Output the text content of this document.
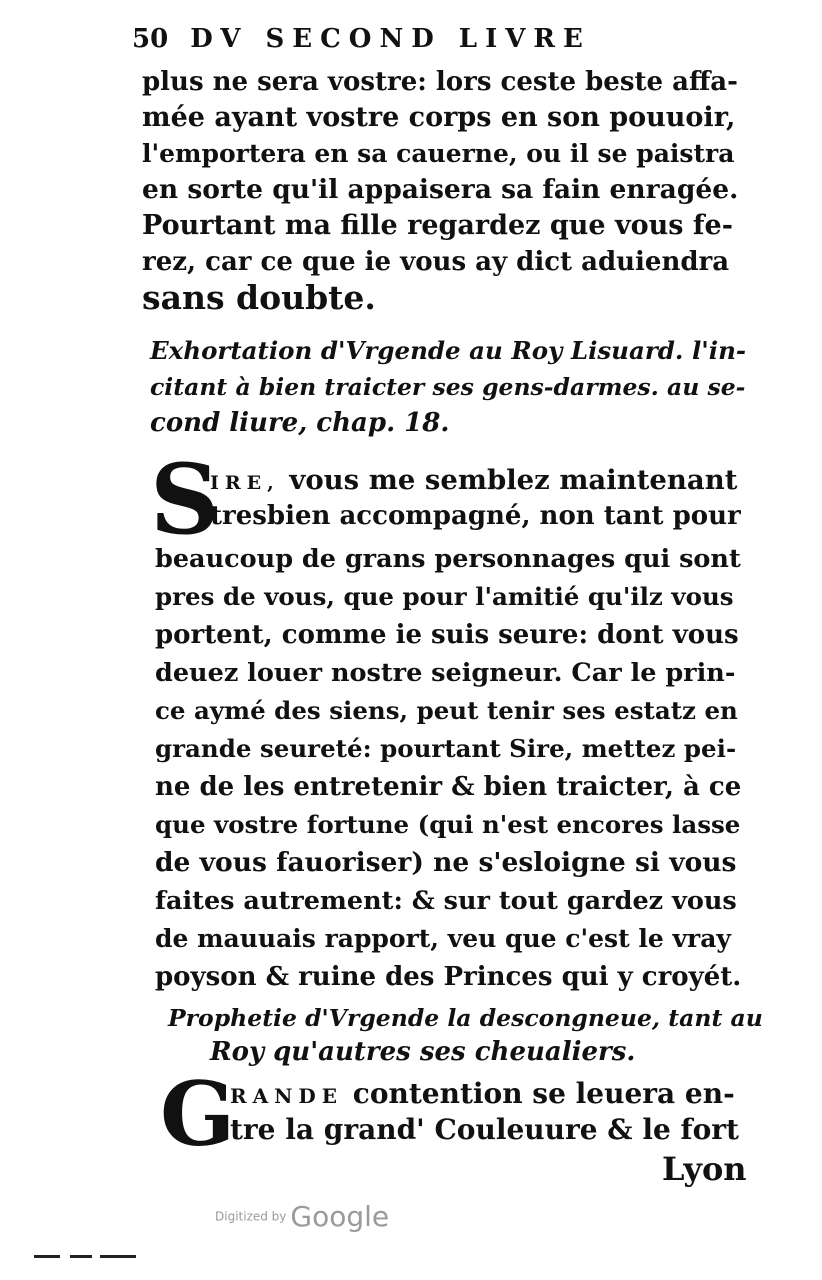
50 DV SECOND LIVRE
plus ne sera vostre: lors ceste beste affa-
mée ayant vostre corps en son pouuoir,
l'emportera en sa cauerne, ou il se paistra
en sorte qu'il appaisera sa fain enragée.
Pourtant ma fille regardez que vous fe-
rez, car ce que ie vous ay dict aduiendra
sans doubte.
Exhortation d'Vrgende au Roy Lisuard. l'in-
citant à bien traicter ses gens-darmes. au se-
cond liure, chap. 18.
S
IRE, vous me semblez maintenant
tresbien accompagné, non tant pour
beaucoup de grans personnages qui sont
pres de vous, que pour l'amitié qu'ilz vous
portent, comme ie suis seure: dont vous
deuez louer nostre seigneur. Car le prin-
ce aymé des siens, peut tenir ses estatz en
grande seureté: pourtant Sire, mettez pei-
ne de les entretenir & bien traicter, à ce
que vostre fortune (qui n'est encores lasse
de vous fauoriser) ne s'esloigne si vous
faites autrement: & sur tout gardez vous
de mauuais rapport, veu que c'est le vray
poyson & ruine des Princes qui y croyét.
Prophetie d'Vrgende la descongneue, tant au
Roy qu'autres ses cheualiers.
G
RANDE contention se leuera en-
tre la grand' Couleuure & le fort
Lyon
Digitized by Google
